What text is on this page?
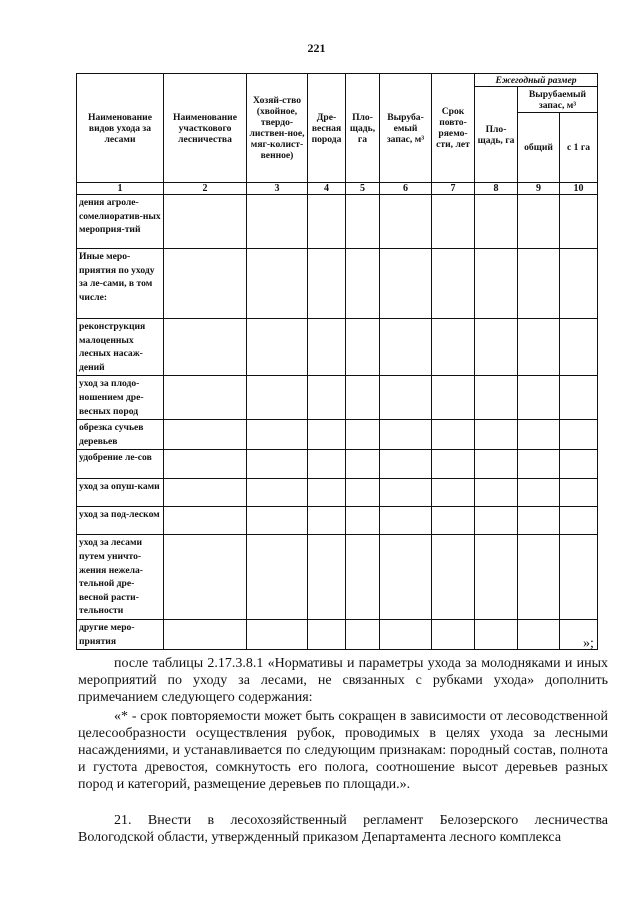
221
Наименование видов ухода за лесами	Наименование участкового лесничества	Хозяй-ство (хвойное, твердо-листвен-ное, мяг-колист-венное)	Дре-весная порода	Пло-щадь, га	Выруба-емый запас, м³	Срок повто-ряемо-сти, лет	Ежегодный размер		
							Пло-щадь, га	Вырубаемый запас, м³	
								общий	с 1 га
1	2	3	4	5	6	7	8	9	10
дения агроле-сомелиоратив-ных мероприя-тий									
Иные меро-приятия по уходу за ле-сами, в том числе:									
реконструкция малоценных лесных насаж-дений									
уход за плодо-ношением дре-весных пород									
обрезка сучьев деревьев									
удобрение ле-сов									
уход за опуш-ками									
уход за под-леском									
уход за лесами путем уничто-жения нежела-тельной дре-весной расти-тельности									
другие меро-приятия										»;
после таблицы 2.17.3.8.1 «Нормативы и параметры ухода за молодняками и иных мероприятий по уходу за лесами, не связанных с рубками ухода» дополнить примечанием следующего содержания:
«* - срок повторяемости может быть сокращен в зависимости от лесоводственной целесообразности осуществления рубок, проводимых в целях ухода за лесными насаждениями, и устанавливается по следующим признакам: породный состав, полнота и густота древостоя, сомкнутость его полога, соотношение высот деревьев разных пород и категорий, размещение деревьев по площади.».
21. Внести в лесохозяйственный регламент Белозерского лесничества Вологодской области, утвержденный приказом Департамента лесного комплекса
